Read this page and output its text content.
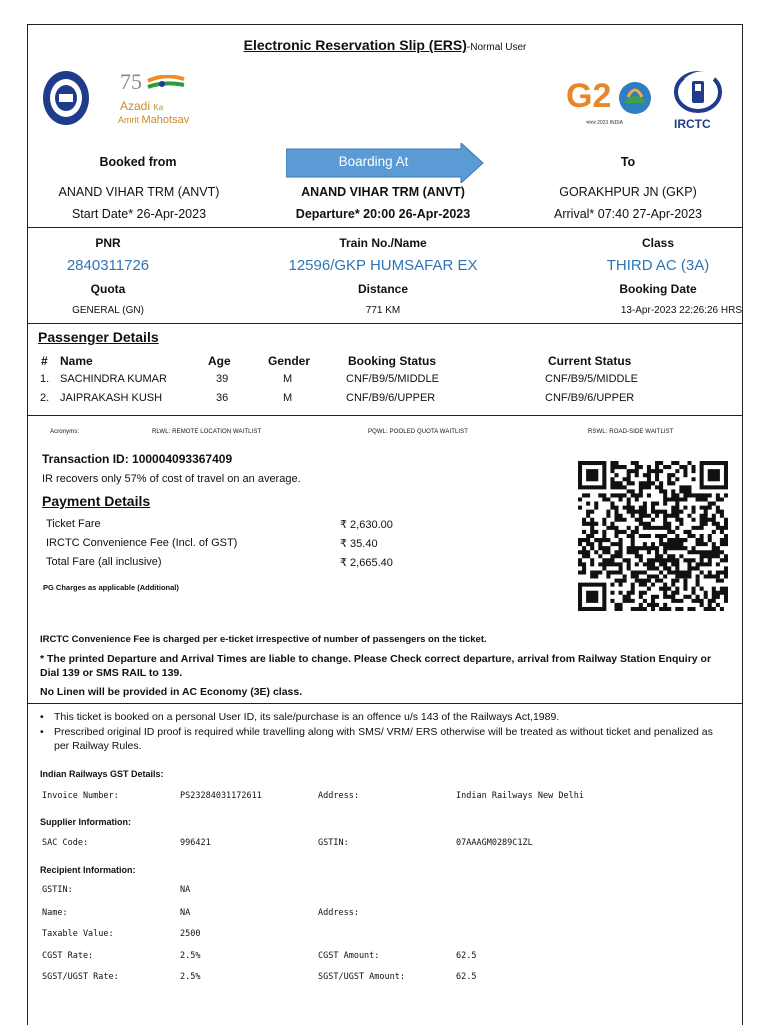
Electronic Reservation Slip (ERS)-Normal User
75
Azadi Ka
Amrit Mahotsav
G2
भारत 2023 INDIA	IRCTC
Booked from	Boarding At	To
ANAND VIHAR TRM (ANVT)	ANAND VIHAR TRM (ANVT)	GORAKHPUR JN (GKP)
Start Date* 26-Apr-2023	Departure* 20:00 26-Apr-2023	Arrival* 07:40 27-Apr-2023
PNR	Train No./Name	Class
2840311726	12596/GKP HUMSAFAR EX	THIRD AC (3A)
Quota	Distance	Booking Date
GENERAL (GN)	771 KM	13-Apr-2023 22:26:26 HRS
Passenger Details
# Name	Age	Gender	Booking Status	Current Status
1. SACHINDRA KUMAR	39	M	CNF/B9/5/MIDDLE	CNF/B9/5/MIDDLE
2. JAIPRAKASH KUSH	36	M	CNF/B9/6/UPPER	CNF/B9/6/UPPER
Acronyms:	RLWL: REMOTE LOCATION WAITLIST	PQWL: POOLED QUOTA WAITLIST	RSWL: ROAD-SIDE WAITLIST
Transaction ID: 100004093367409
IR recovers only 57% of cost of travel on an average.
Payment Details
Ticket Fare	₹ 2,630.00
IRCTC Convenience Fee (Incl. of GST)	₹ 35.40
Total Fare (all inclusive)	₹ 2,665.40
PG Charges as applicable (Additional)
IRCTC Convenience Fee is charged per e-ticket irrespective of number of passengers on the ticket.
* The printed Departure and Arrival Times are liable to change. Please Check correct departure, arrival from Railway Station Enquiry or Dial 139 or SMS RAIL to 139.
No Linen will be provided in AC Economy (3E) class.
• This ticket is booked on a personal User ID, its sale/purchase is an offence u/s 143 of the Railways Act,1989.
• Prescribed original ID proof is required while travelling along with SMS/ VRM/ ERS otherwise will be treated as without ticket and penalized as per Railway Rules.
Indian Railways GST Details:
Invoice Number:	PS23284031172611	Address:	Indian Railways New Delhi
Supplier Information:
SAC Code:	996421	GSTIN:	07AAAGM0289C1ZL
Recipient Information:
GSTIN:	NA
Name:	NA	Address:
Taxable Value:	2500
CGST Rate:	2.5%	CGST Amount:	62.5
SGST/UGST Rate:	2.5%	SGST/UGST Amount:	62.5
